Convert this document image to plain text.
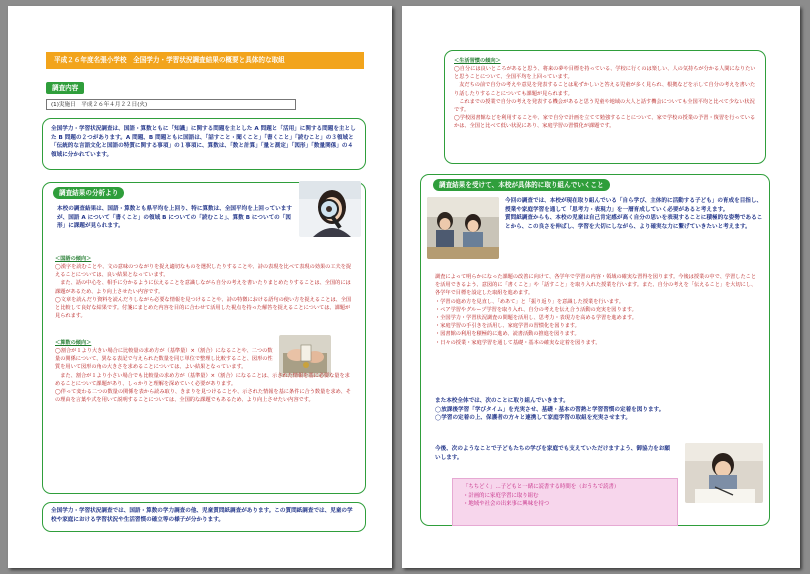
平成２６年度名張小学校　全国学力・学習状況調査結果の概要と具体的な取組
調査内容
(1)実施日　平成２６年４月２２日(火)

全国学力・学習状況調査は、国語・算数ともに「知識」に関する問題を主とした A 問題と「活用」に関する問題を主とした B 問題の２つがあります。A 問題、B 問題ともに国語は、「話すこと・聞くこと」「書くこと」「読むこと」の３領域と「伝統的な言語文化と国語の特質に関する事項」の１事項に、算数は、「数と計算」「量と測定」「図形」「数量関係」の４領域に分かれています。

調査結果の分析より

本校の調査結果は、国語・算数とも県平均を上回り、特に算数は、全国平均を上回っていますが、国語 A について「書くこと」の領域 B についての「読むこと」、算数 B についての「図形」に課題が見られます。

＜国語の傾向＞

◯漢字を読むことや、文の意味のつながりを捉え適切なものを選択したりすることや、詩の表現を比べて表現の効果の工夫を捉えることについては、良い結果となっています。

　また、話の中心を、相手に分かるように伝えることを意識しながら自分の考えを書いたりまとめたりすることは、全国的には課題があるため、より向上させたい内容です。

◯文章を読んだり資料を読んだりしながら必要な情報を見つけることや、詩の特徴における語句の使い方を捉えることは、全国と比較して良好な結果です。付箋にまとめた内容を目的に合わせて活用した視点を持った解答を捉えることについては、課題が見られます。

＜算数の傾向＞

◯割合が１より大きい場合に比較量の求め方が（基準量）×（割合）になることや、二つの数量の関係について、異なる表記で与えられた数量を同じ単位で整理し比較すること、図形の性質を用いて図形の角の大きさを求めることについては、よい結果となっています。

　また、割合が１より小さい場合でも比較量の求め方が（基準量）×（割合）になることは、示された情報を基に必要な量を求めることについて課題があり、しっかりと理解を深めていく必要があります。

◯伴って変わる二つの数量の関係を表から読み取り、きまりを見つけることや、示された情報を基に条件に合う数量を求め、その理由を言葉や式を用いて説明することについては、全国的な課題でもあるため、より向上させたい内容です。

全国学力・学習状況調査では、国語・算数の学力調査の他、児童質問紙調査があります。この質問紙調査では、児童の学校や家庭における学習状況や生活習慣の確立等の様子が分かります。

＜生活習慣の傾向＞

◯自分には良いところがあると思う、将来の夢や目標を持っている、学校に行くのは楽しい、人の気持ちが分かる人間になりたいと思うことについて、全国平均を上回っています。

　友だちの前で自分の考えや意見を発表することは恥ずかしいと答える児童が多く見られ、根拠などを示して自分の考えを書いたり話したりすることについても課題が見られます。

　これまでの授業で自分の考えを発表する機会があると思う児童や地域の大人と話す機会についても全国平均と比べて少ない状況です。

◯学校図書館などを利用することや、家で自分で計画を立てて勉強することについて、家で学校の授業の予習・復習を行っているかは、全国と比べて低い状況にあり、家庭学習の習慣化が課題です。

調査結果を受けて、本校が具体的に取り組んでいくこと

今回の調査では、本校が現在取り組んでいる「自ら学び、主体的に活動する子ども」の育成を目指し、授業や家庭学習を通して「思考力・表現力」を一層育成していく必要があると考えます。

質問紙調査からも、本校の児童は自己肯定感が高く自分の思いを表現することに積極的な姿勢であることから、この良さを伸ばし、学習を大切にしながら、より確実な力に繋げていきたいと考えます。

調査によって明らかになった課題の改善に向けて、各学年で学習の内容・領域の確実な習得を図ります。今後は授業の中で、学習したことを活用できるよう、意図的に「書くこと」や「話すこと」を取り入れた授業を行います。また、自分の考えを「伝えること」を大切にし、各学年で目標を設定した取組を進めます。

・学習の進め方を見直し、「めあて」と「振り返り」を意識した授業を行います。

・ペア学習やグループ学習を取り入れ、自分の考えを伝え合う活動の充実を図ります。

・全国学力・学習状況調査の問題を活用し、思考力・表現力を高める学習を進めます。

・家庭学習の手引きを活用し、家庭学習の習慣化を図ります。

・図書館の利用を積極的に進め、読書活動の推進を図ります。

・日々の授業・家庭学習を通して基礎・基本の確実な定着を図ります。

また本校全体では、次のことに取り組んでいきます。

◯放課後学習「学びタイム」を充実させ、基礎・基本の習熟と学習習慣の定着を図ります。

◯学習の定着の上、保護者の方々と連携して家庭学習の取組を充実させます。

今後、次のようなことで子どもたちの学びを家庭でも支えていただけますよう、御協力をお願いします。

「ちちどく」…子どもと一緒に読書する時間を（おうちで読書）

・計画的に家庭学習に取り組む

・地域や社会の出来事に興味を持つ
